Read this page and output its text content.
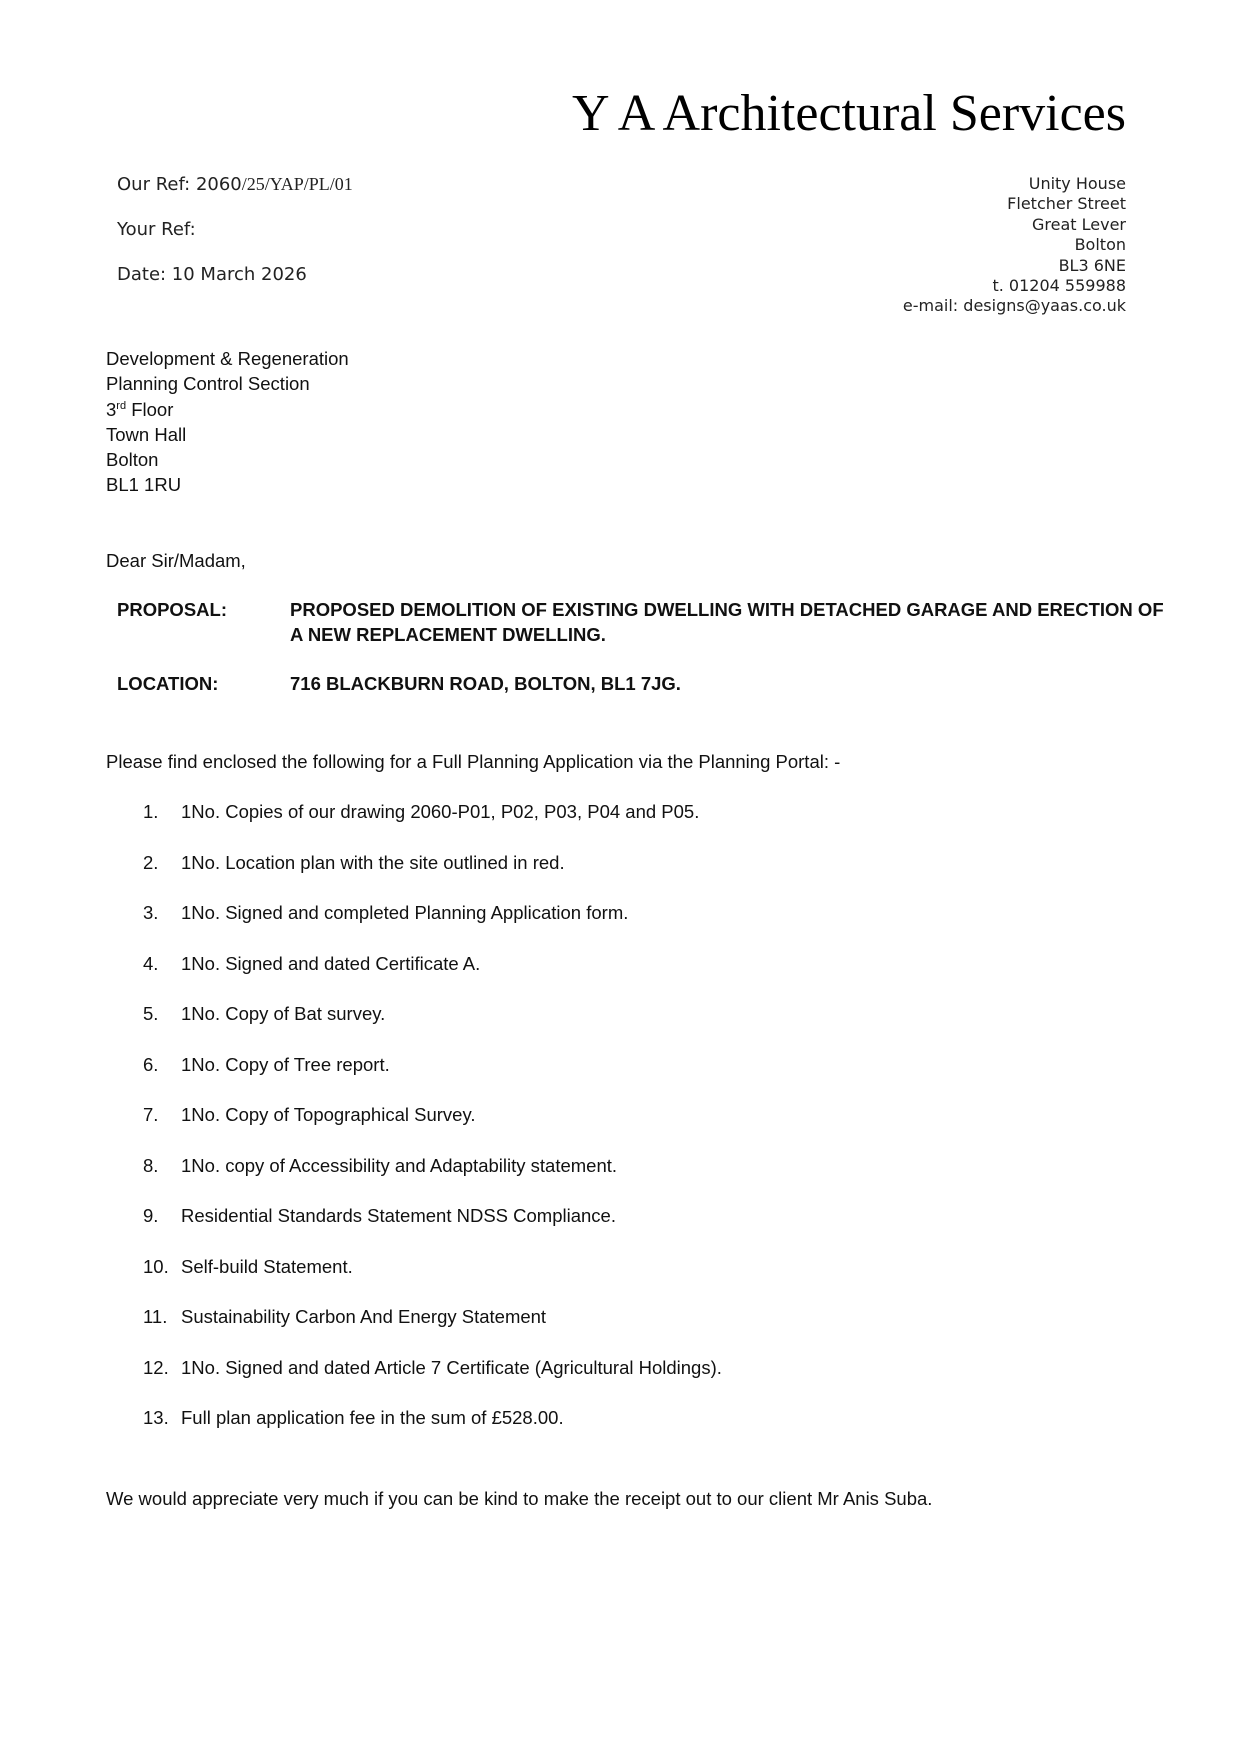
Y A Architectural Services
Our Ref: 2060/25/YAP/PL/01
Your Ref:
Date: 10 March 2026
Unity House
Fletcher Street
Great Lever
Bolton
BL3 6NE
t. 01204 559988
e-mail: designs@yaas.co.uk
Development & Regeneration
Planning Control Section
3rd Floor
Town Hall
Bolton
BL1 1RU
Dear Sir/Madam,
PROPOSAL:	PROPOSED DEMOLITION OF EXISTING DWELLING WITH DETACHED GARAGE AND ERECTION OF
A NEW REPLACEMENT DWELLING.
LOCATION:	716 BLACKBURN ROAD, BOLTON, BL1 7JG.
Please find enclosed the following for a Full Planning Application via the Planning Portal: -
1. 1No. Copies of our drawing 2060-P01, P02, P03, P04 and P05.
2. 1No. Location plan with the site outlined in red.
3. 1No. Signed and completed Planning Application form.
4. 1No. Signed and dated Certificate A.
5. 1No. Copy of Bat survey.
6. 1No. Copy of Tree report.
7. 1No. Copy of Topographical Survey.
8. 1No. copy of Accessibility and Adaptability statement.
9. Residential Standards Statement NDSS Compliance.
10. Self-build Statement.
11. Sustainability Carbon And Energy Statement
12. 1No. Signed and dated Article 7 Certificate (Agricultural Holdings).
13. Full plan application fee in the sum of £528.00.
We would appreciate very much if you can be kind to make the receipt out to our client Mr Anis Suba.
